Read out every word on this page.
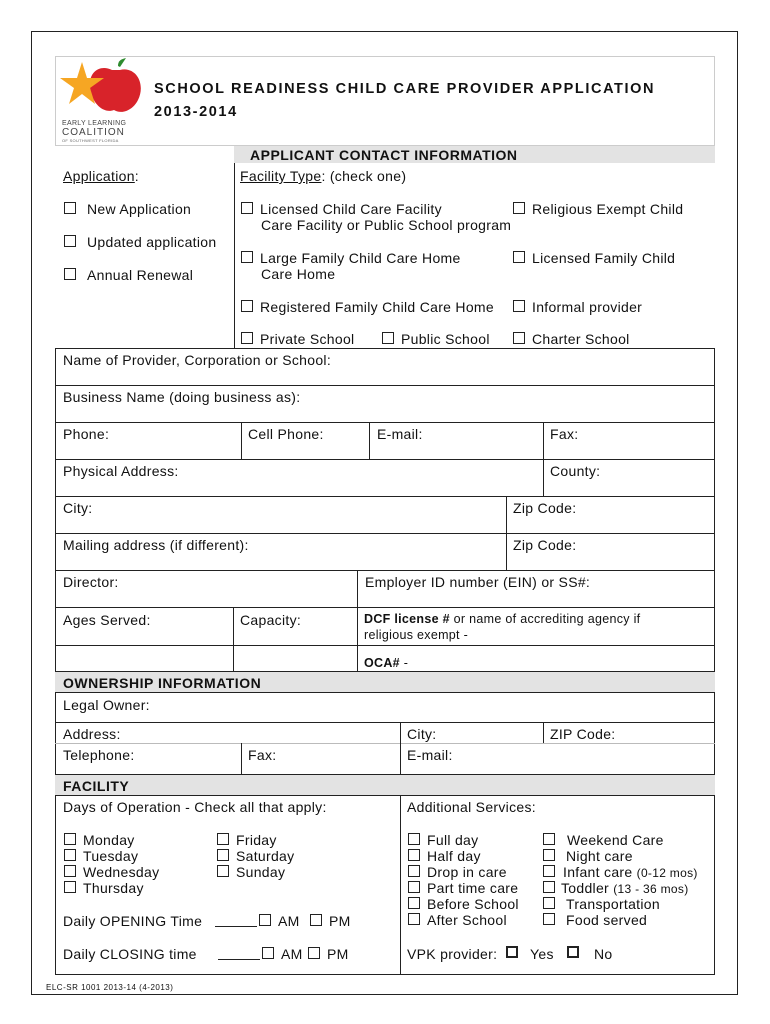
EARLY LEARNING
COALITION
OF SOUTHWEST FLORIDA
SCHOOL READINESS CHILD CARE PROVIDER APPLICATION
2013-2014
APPLICANT CONTACT INFORMATION
Application:	Facility Type: (check one)
New Application
Updated application
Annual Renewal
Licensed Child Care Facility
Care Facility or Public School program
Religious Exempt Child
Large Family Child Care Home
Care Home
Licensed Family Child
Registered Family Child Care Home	Informal provider
Private School	Public School	Charter School
Name of Provider, Corporation or School:
Business Name (doing business as):
Phone:	Cell Phone:	E-mail:	Fax:
Physical Address:	County:
City:	Zip Code:
Mailing address (if different):	Zip Code:
Director:	Employer ID number (EIN) or SS#:
Ages Served:	Capacity:	DCF license # or name of accrediting agency if
religious exempt -
OCA# -
OWNERSHIP INFORMATION
Legal Owner:
Address:	City:	ZIP Code:
Telephone:	Fax:	E-mail:
FACILITY
Days of Operation - Check all that apply:	Additional Services:
Monday
Tuesday
Wednesday
Thursday
Friday
Saturday
Sunday
Daily OPENING Time	AM PM
Daily CLOSING time	AM PM
Full day
Half day
Drop in care
Part time care
Before School
After School
Weekend Care
Night care
Infant care (0-12 mos)
Toddler (13 - 36 mos)
Transportation
Food served
VPK provider: Yes	No
ELC-SR 1001 2013-14 (4-2013)
